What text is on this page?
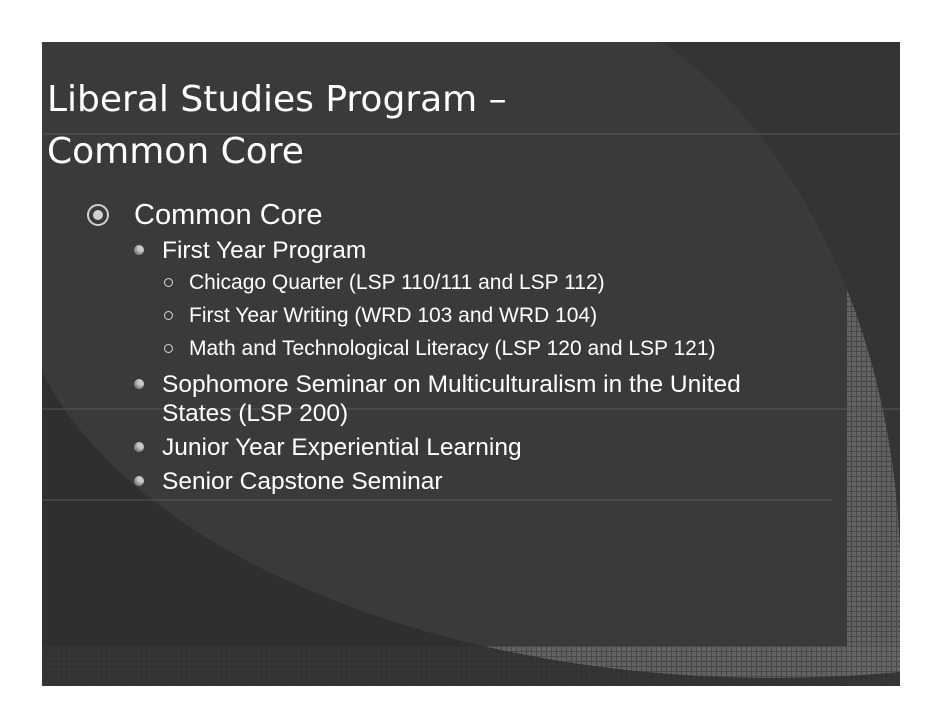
Liberal Studies Program –
Common Core
Common Core
First Year Program
Chicago Quarter (LSP 110/111 and LSP 112)
First Year Writing (WRD 103 and WRD 104)
Math and Technological Literacy (LSP 120 and LSP 121)
Sophomore Seminar on Multiculturalism in the United States (LSP 200)
Junior Year Experiential Learning
Senior Capstone Seminar
